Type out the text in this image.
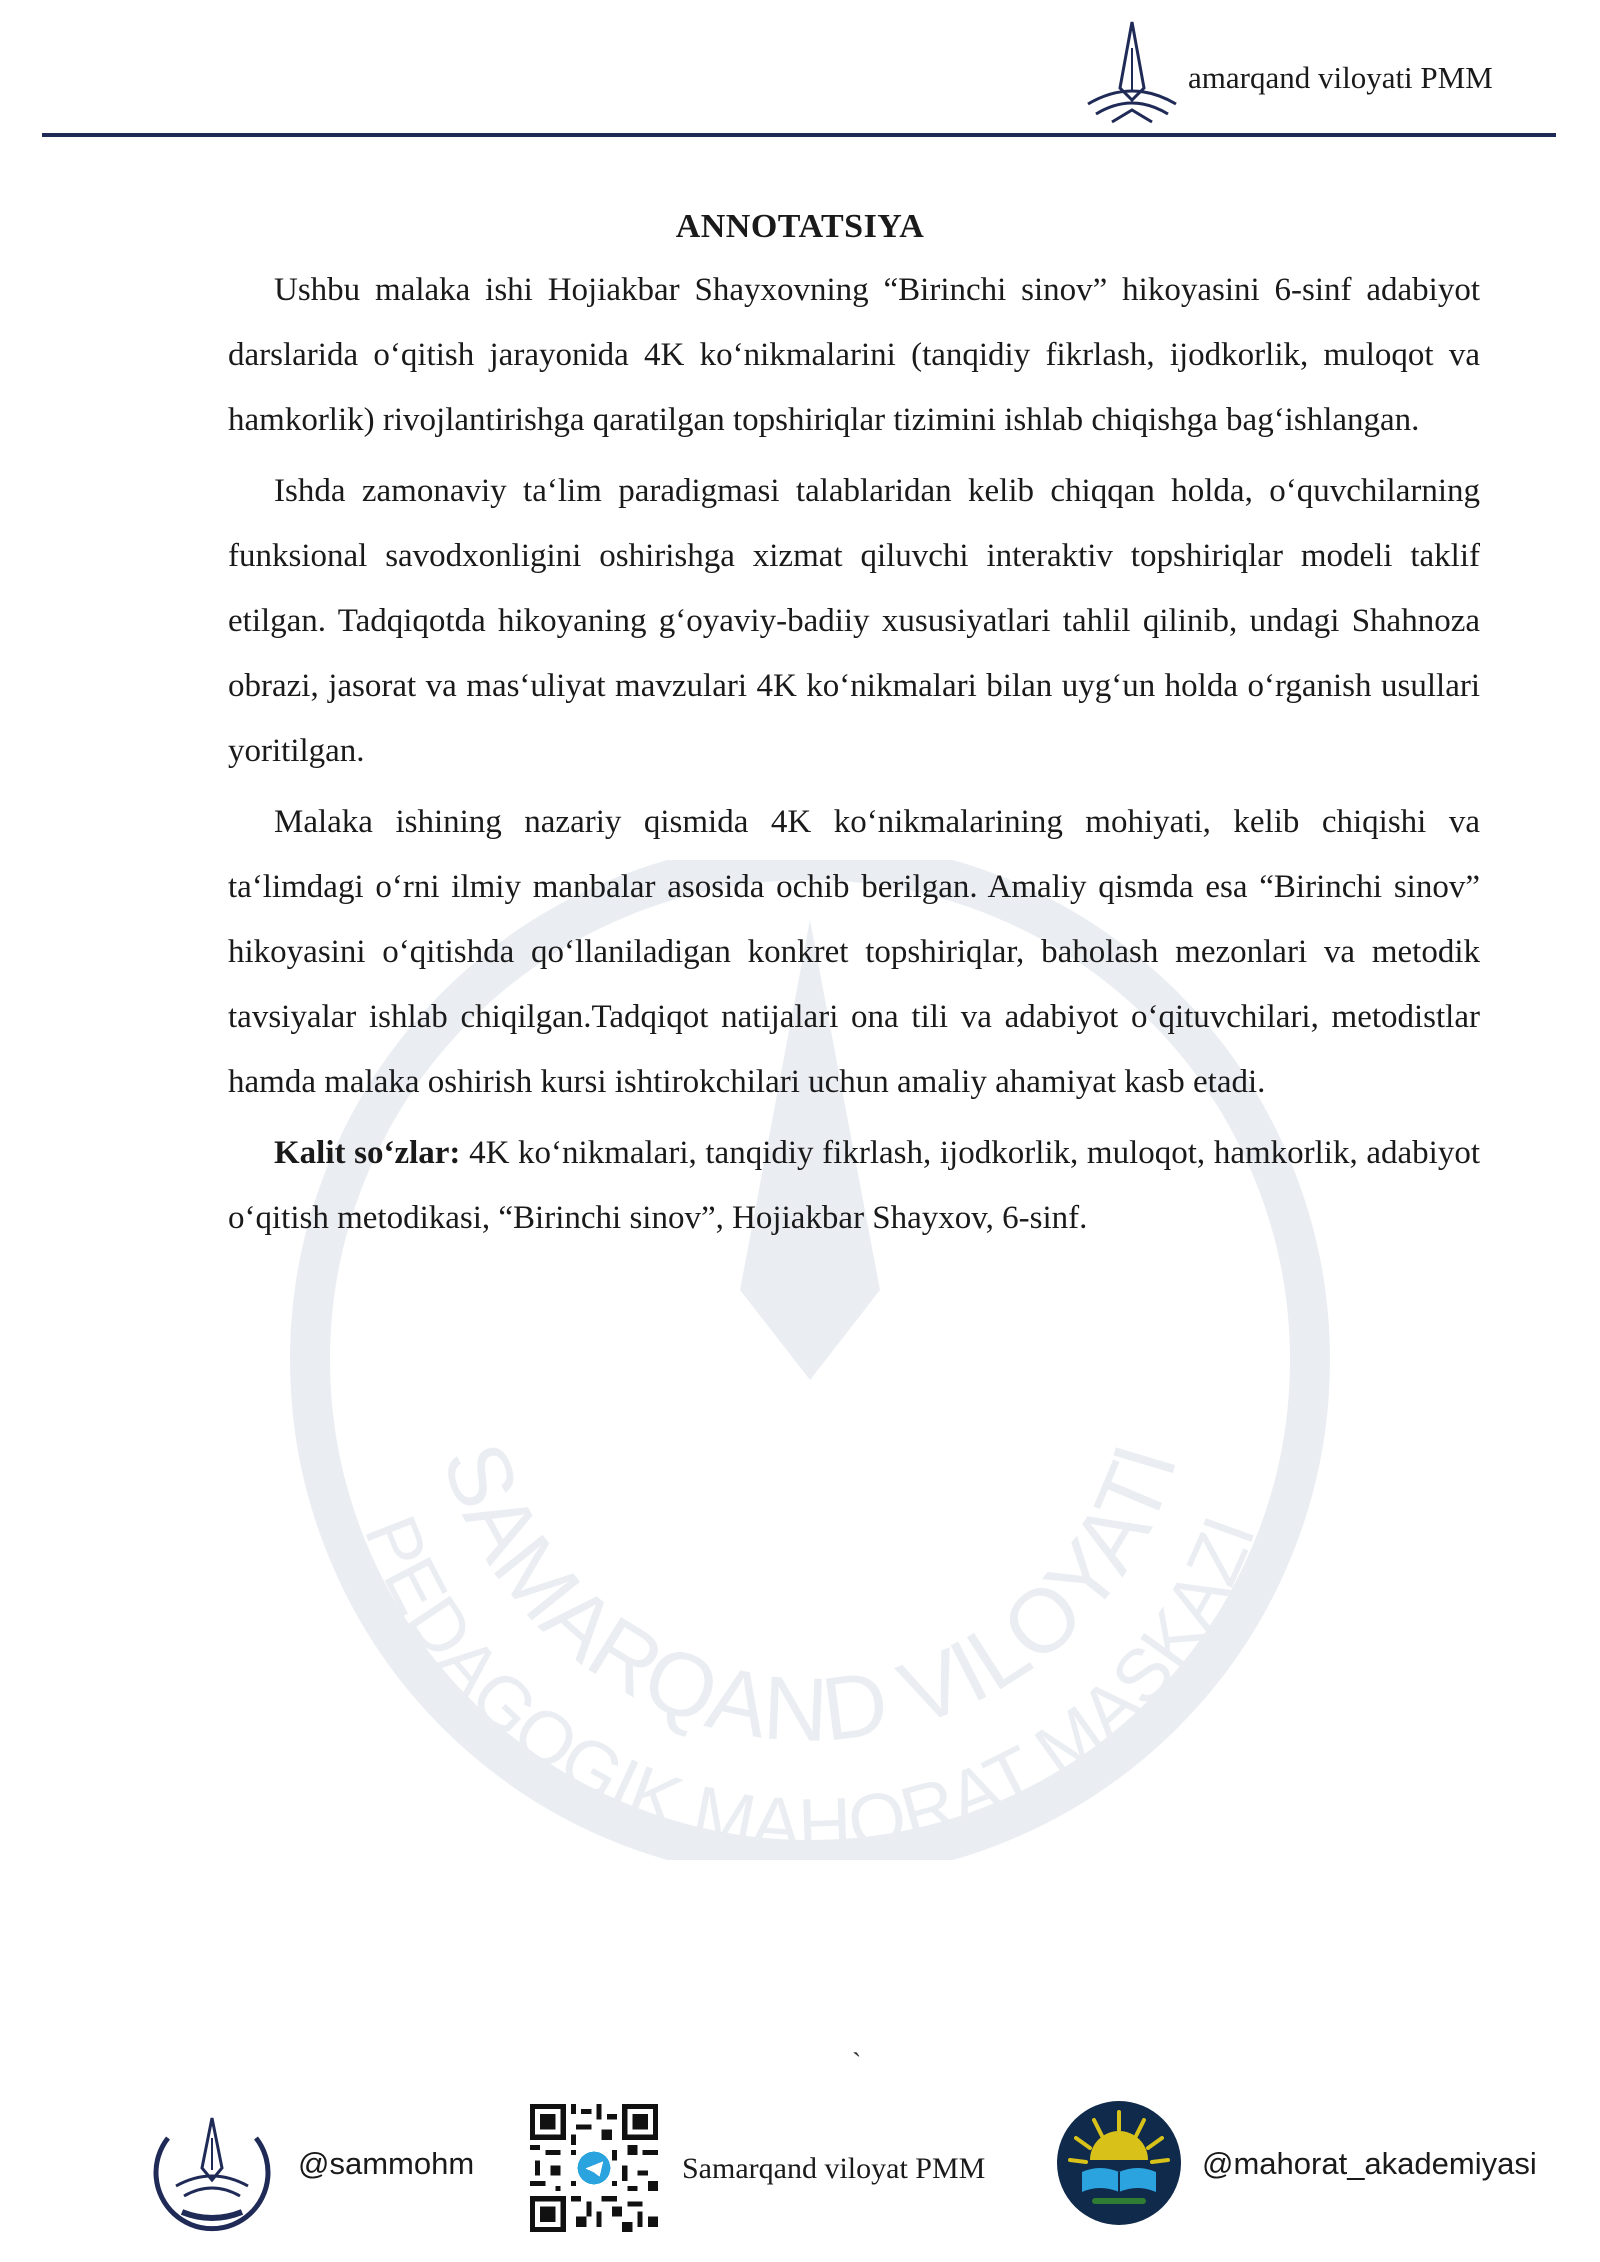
SAMARQAND VILOYATI
PEDAGOGIK MAHORAT MASKAZI
amarqand viloyati PMM
ANNOTATSIYA

Ushbu malaka ishi Hojiakbar Shayxovning “Birinchi sinov” hikoyasini 6-sinf adabiyot darslarida o‘qitish jarayonida 4K ko‘nikmalarini (tanqidiy fikrlash, ijodkorlik, muloqot va hamkorlik) rivojlantirishga qaratilgan topshiriqlar tizimini ishlab chiqishga bag‘ishlangan.

Ishda zamonaviy ta‘lim paradigmasi talablaridan kelib chiqqan holda, o‘quvchilarning funksional savodxonligini oshirishga xizmat qiluvchi interaktiv topshiriqlar modeli taklif etilgan. Tadqiqotda hikoyaning g‘oyaviy-badiiy xususiyatlari tahlil qilinib, undagi Shahnoza obrazi, jasorat va mas‘uliyat mavzulari 4K ko‘nikmalari bilan uyg‘un holda o‘rganish usullari yoritilgan.

Malaka ishining nazariy qismida 4K ko‘nikmalarining mohiyati, kelib chiqishi va ta‘limdagi o‘rni ilmiy manbalar asosida ochib berilgan. Amaliy qismda esa “Birinchi sinov” hikoyasini o‘qitishda qo‘llaniladigan konkret topshiriqlar, baholash mezonlari va metodik tavsiyalar ishlab chiqilgan.Tadqiqot natijalari ona tili va adabiyot o‘qituvchilari, metodistlar hamda malaka oshirish kursi ishtirokchilari uchun amaliy ahamiyat kasb etadi.

Kalit so‘zlar: 4K ko‘nikmalari, tanqidiy fikrlash, ijodkorlik, muloqot, hamkorlik, adabiyot o‘qitish metodikasi, “Birinchi sinov”, Hojiakbar Shayxov, 6-sinf.

`
@sammohm	Samarqand viloyat PMM	@mahorat_akademiyasi
